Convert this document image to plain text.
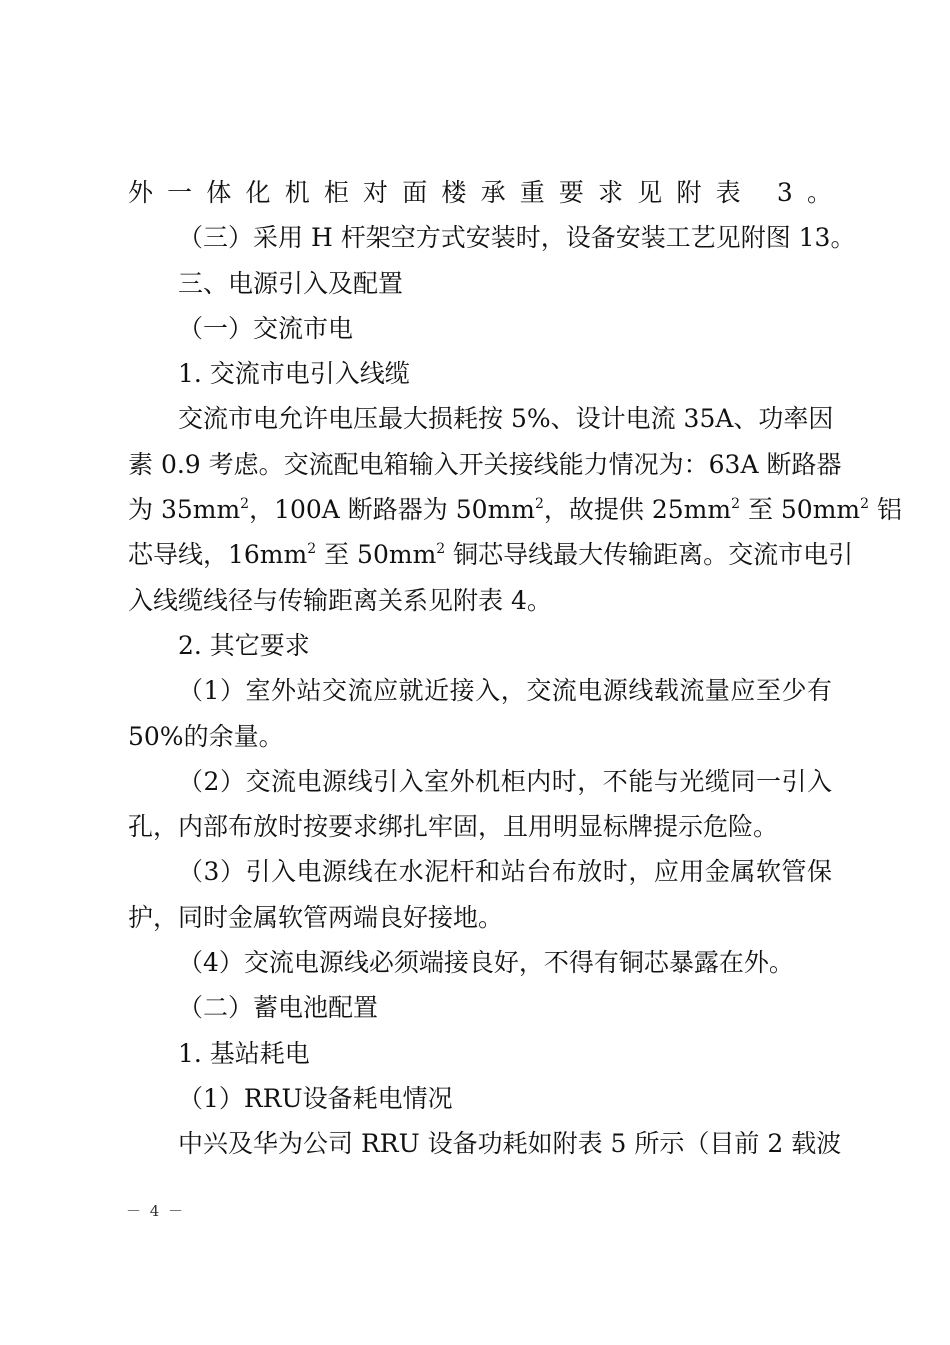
外一体化机柜对面楼承重要求见附表 3。
（三）采用 H 杆架空方式安装时，设备安装工艺见附图 13。
三、电源引入及配置
（一）交流市电
1. 交流市电引入线缆
交流市电允许电压最大损耗按 5%、设计电流 35A、功率因
素 0.9 考虑。交流配电箱输入开关接线能力情况为：63A 断路器
为 $35mm^2$，100A 断路器为 $50mm^2$，故提供 $25mm^2$ 至 $50mm^2$ 铝
芯导线，$16mm^2$ 至 $50mm^2$ 铜芯导线最大传输距离。交流市电引
入线缆线径与传输距离关系见附表 4。
2. 其它要求
（1）室外站交流应就近接入，交流电源线载流量应至少有
50%的余量。
（2）交流电源线引入室外机柜内时，不能与光缆同一引入
孔，内部布放时按要求绑扎牢固，且用明显标牌提示危险。
（3）引入电源线在水泥杆和站台布放时，应用金属软管保
护，同时金属软管两端良好接地。
（4）交流电源线必须端接良好，不得有铜芯暴露在外。
（二）蓄电池配置
1. 基站耗电
（1）RRU设备耗电情况
中兴及华为公司 RRU 设备功耗如附表 5 所示（目前 2 载波
－ 4 －
